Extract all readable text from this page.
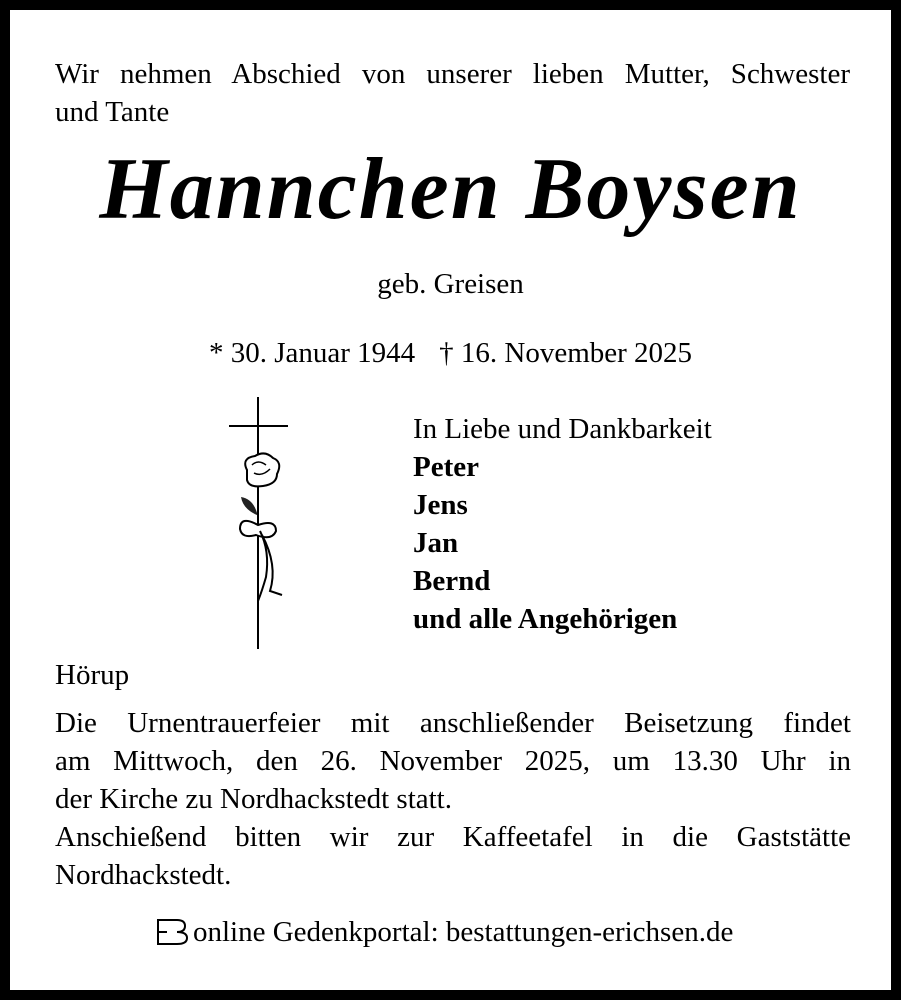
Wir nehmen Abschied von unserer lieben Mutter, Schwester
und Tante
Hannchen Boysen
geb. Greisen
* 30. Januar 1944 † 16. November 2025
In Liebe und Dankbarkeit
Peter
Jens
Jan
Bernd
und alle Angehörigen
Hörup
Die Urnentrauerfeier mit anschließender Beisetzung findet
am Mittwoch, den 26. November 2025, um 13.30 Uhr in
der Kirche zu Nordhackstedt statt.
Anschießend bitten wir zur Kaffeetafel in die Gaststätte
Nordhackstedt.
online Gedenkportal: bestattungen-erichsen.de
